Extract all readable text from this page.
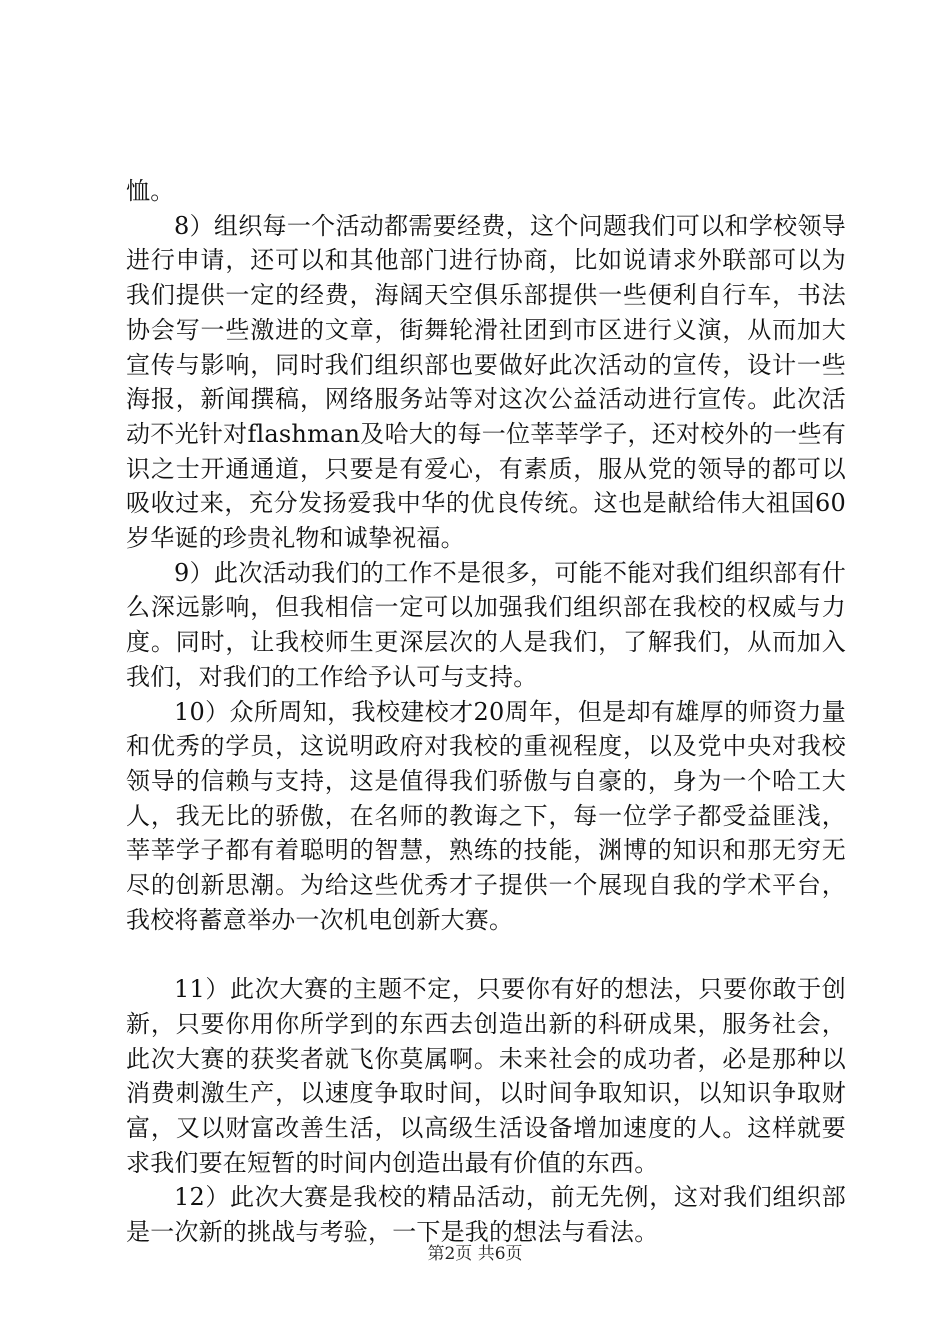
恤。

8）组织每一个活动都需要经费，这个问题我们可以和学校领导进行申请，还可以和其他部门进行协商，比如说请求外联部可以为我们提供一定的经费，海阔天空俱乐部提供一些便利自行车，书法协会写一些激进的文章，街舞轮滑社团到市区进行义演，从而加大宣传与影响，同时我们组织部也要做好此次活动的宣传，设计一些海报，新闻撰稿，网络服务站等对这次公益活动进行宣传。此次活动不光针对flashman及哈大的每一位莘莘学子，还对校外的一些有识之士开通通道，只要是有爱心，有素质，服从党的领导的都可以吸收过来，充分发扬爱我中华的优良传统。这也是献给伟大祖国60岁华诞的珍贵礼物和诚挚祝福。

9）此次活动我们的工作不是很多，可能不能对我们组织部有什么深远影响，但我相信一定可以加强我们组织部在我校的权威与力度。同时，让我校师生更深层次的人是我们，了解我们，从而加入我们，对我们的工作给予认可与支持。

10）众所周知，我校建校才20周年，但是却有雄厚的师资力量和优秀的学员，这说明政府对我校的重视程度，以及党中央对我校领导的信赖与支持，这是值得我们骄傲与自豪的，身为一个哈工大人，我无比的骄傲，在名师的教诲之下，每一位学子都受益匪浅，莘莘学子都有着聪明的智慧，熟练的技能，渊博的知识和那无穷无尽的创新思潮。为给这些优秀才子提供一个展现自我的学术平台，我校将蓄意举办一次机电创新大赛。

11）此次大赛的主题不定，只要你有好的想法，只要你敢于创新，只要你用你所学到的东西去创造出新的科研成果，服务社会，此次大赛的获奖者就飞你莫属啊。未来社会的成功者，必是那种以消费刺激生产，以速度争取时间，以时间争取知识，以知识争取财富，又以财富改善生活，以高级生活设备增加速度的人。这样就要求我们要在短暂的时间内创造出最有价值的东西。

12）此次大赛是我校的精品活动，前无先例，这对我们组织部是一次新的挑战与考验，一下是我的想法与看法。

第2页 共6页
